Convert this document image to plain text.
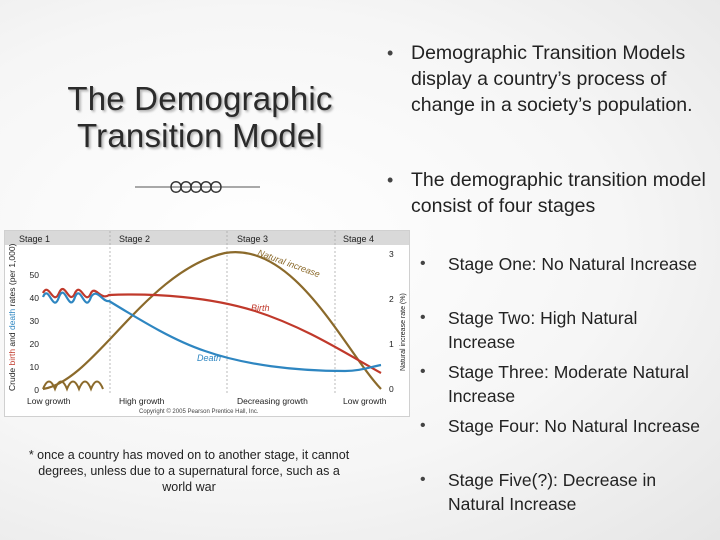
The Demographic
Transition Model
Stage 1	Stage 2	Stage 3	Stage 4
Crude birth and death rates (per 1,000) 50
40
30
20
10
0
3
2
1
0
Natural increase rate (%)
Natural increase
Birth
Death
Low growth	High growth	Decreasing growth	Low growth
Copyright © 2005 Pearson Prentice Hall, Inc.
* once a country has moved on to another stage, it cannot degrees, unless due to a supernatural force, such as a world war
• Demographic Transition Models display a country’s process of change in a society’s population.
• The demographic transition model consist of four stages
•	Stage One: No Natural Increase
•	Stage Two: High Natural Increase
•	Stage Three: Moderate Natural Increase
•	Stage Four: No Natural Increase
•	Stage Five(?): Decrease in Natural Increase
